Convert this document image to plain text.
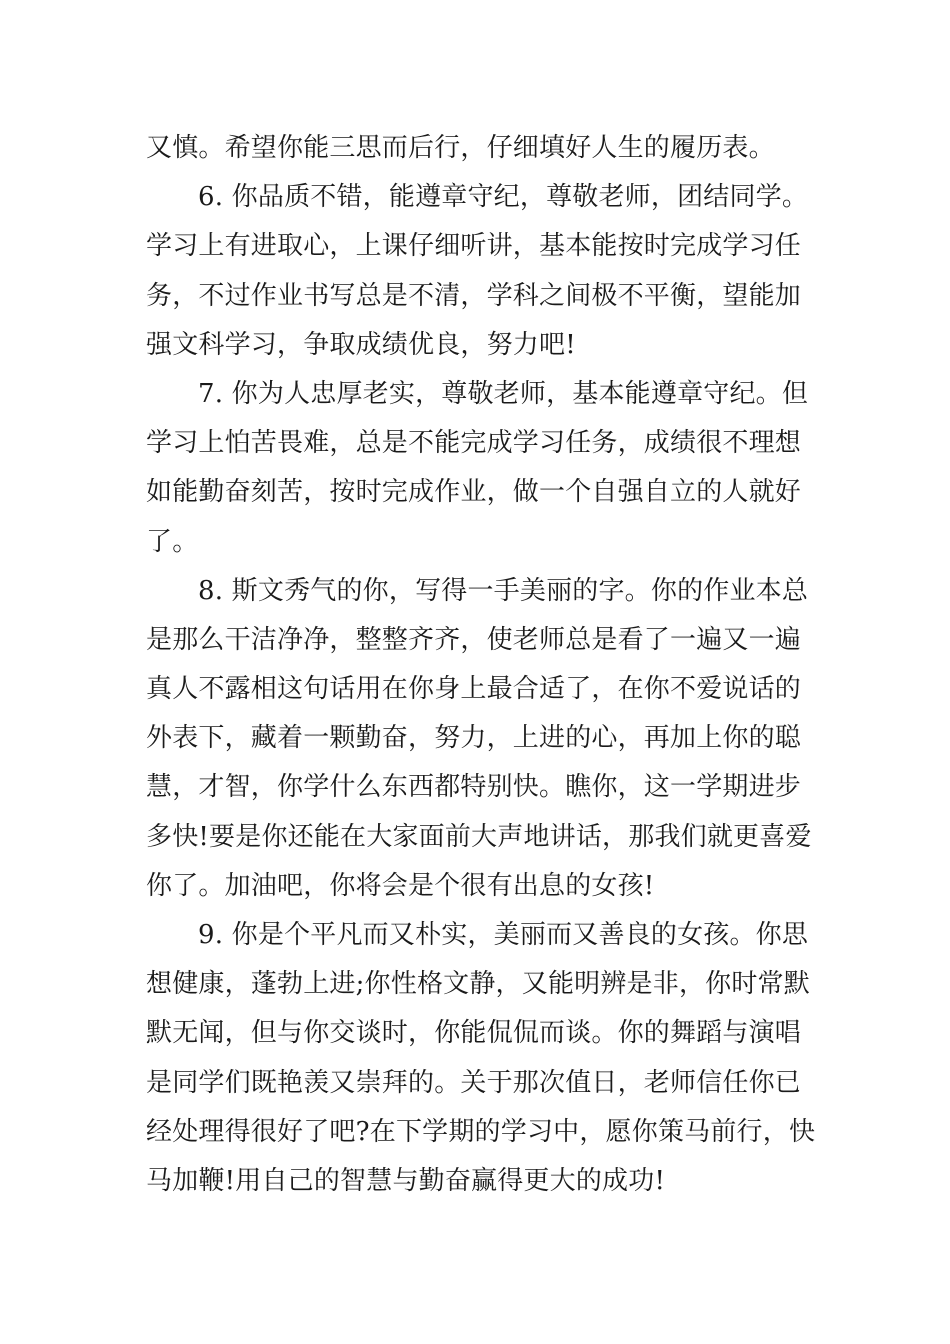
又慎。希望你能三思而后行，仔细填好人生的履历表。
6. 你品质不错，能遵章守纪，尊敬老师，团结同学。
学习上有进取心，上课仔细听讲，基本能按时完成学习任
务，不过作业书写总是不清，学科之间极不平衡，望能加
强文科学习，争取成绩优良，努力吧!
7. 你为人忠厚老实，尊敬老师，基本能遵章守纪。但
学习上怕苦畏难，总是不能完成学习任务，成绩很不理想
如能勤奋刻苦，按时完成作业，做一个自强自立的人就好
了。
8. 斯文秀气的你，写得一手美丽的字。你的作业本总
是那么干洁净净，整整齐齐，使老师总是看了一遍又一遍
真人不露相这句话用在你身上最合适了，在你不爱说话的
外表下，藏着一颗勤奋，努力，上进的心，再加上你的聪
慧，才智，你学什么东西都特别快。瞧你，这一学期进步
多快!要是你还能在大家面前大声地讲话，那我们就更喜爱
你了。加油吧，你将会是个很有出息的女孩!
9. 你是个平凡而又朴实，美丽而又善良的女孩。你思
想健康，蓬勃上进;你性格文静，又能明辨是非，你时常默
默无闻，但与你交谈时，你能侃侃而谈。你的舞蹈与演唱
是同学们既艳羡又崇拜的。关于那次值日，老师信任你已
经处理得很好了吧?在下学期的学习中，愿你策马前行，快
马加鞭!用自己的智慧与勤奋赢得更大的成功!
